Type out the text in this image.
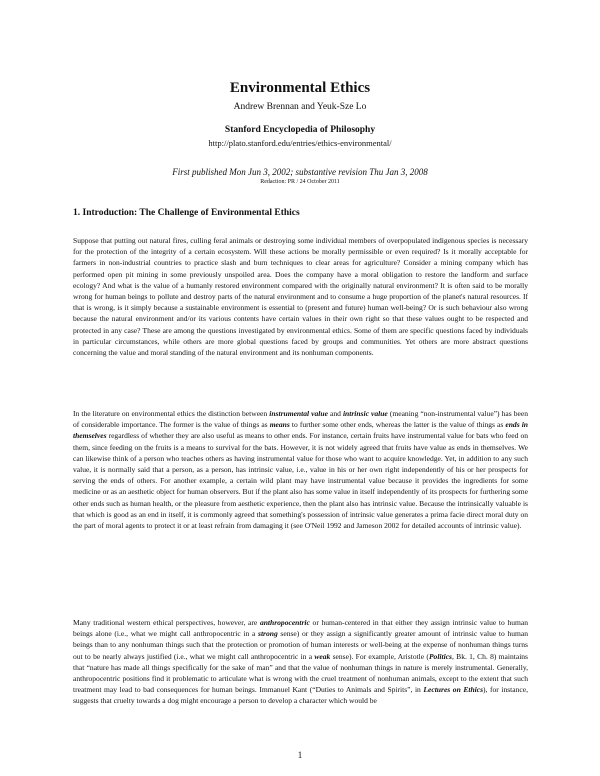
Environmental Ethics
Andrew Brennan and Yeuk-Sze Lo
Stanford Encyclopedia of Philosophy
http://plato.stanford.edu/entries/ethics-environmental/
First published Mon Jun 3, 2002; substantive revision Thu Jan 3, 2008
Redaction: PR / 24 October 2011
1. Introduction: The Challenge of Environmental Ethics

Suppose that putting out natural fires, culling feral animals or destroying some individual members of overpopulated indigenous species is necessary for the protection of the integrity of a certain ecosystem. Will these actions be morally permissible or even required? Is it morally acceptable for farmers in non-industrial countries to practice slash and burn techniques to clear areas for agriculture? Consider a mining company which has performed open pit mining in some previously unspoiled area. Does the company have a moral obligation to restore the landform and surface ecology? And what is the value of a humanly restored environment compared with the originally natural environment? It is often said to be morally wrong for human beings to pollute and destroy parts of the natural environment and to consume a huge proportion of the planet's natural resources. If that is wrong, is it simply because a sustainable environment is essential to (present and future) human well-being? Or is such behaviour also wrong because the natural environment and/or its various contents have certain values in their own right so that these values ought to be respected and protected in any case? These are among the questions investigated by environmental ethics. Some of them are specific questions faced by individuals in particular circumstances, while others are more global questions faced by groups and communities. Yet others are more abstract questions concerning the value and moral standing of the natural environment and its nonhuman components.

In the literature on environmental ethics the distinction between instrumental value and intrinsic value (meaning “non-instrumental value”) has been of considerable importance. The former is the value of things as means to further some other ends, whereas the latter is the value of things as ends in themselves regardless of whether they are also useful as means to other ends. For instance, certain fruits have instrumental value for bats who feed on them, since feeding on the fruits is a means to survival for the bats. However, it is not widely agreed that fruits have value as ends in themselves. We can likewise think of a person who teaches others as having instrumental value for those who want to acquire knowledge. Yet, in addition to any such value, it is normally said that a person, as a person, has intrinsic value, i.e., value in his or her own right independently of his or her prospects for serving the ends of others. For another example, a certain wild plant may have instrumental value because it provides the ingredients for some medicine or as an aesthetic object for human observers. But if the plant also has some value in itself independently of its prospects for furthering some other ends such as human health, or the pleasure from aesthetic experience, then the plant also has intrinsic value. Because the intrinsically valuable is that which is good as an end in itself, it is commonly agreed that something's possession of intrinsic value generates a prima facie direct moral duty on the part of moral agents to protect it or at least refrain from damaging it (see O'Neil 1992 and Jameson 2002 for detailed accounts of intrinsic value).

Many traditional western ethical perspectives, however, are anthropocentric or human-centered in that either they assign intrinsic value to human beings alone (i.e., what we might call anthropocentric in a strong sense) or they assign a significantly greater amount of intrinsic value to human beings than to any nonhuman things such that the protection or promotion of human interests or well-being at the expense of nonhuman things turns out to be nearly always justified (i.e., what we might call anthropocentric in a weak sense). For example, Aristotle (Politics, Bk. 1, Ch. 8) maintains that “nature has made all things specifically for the sake of man” and that the value of nonhuman things in nature is merely instrumental. Generally, anthropocentric positions find it problematic to articulate what is wrong with the cruel treatment of nonhuman animals, except to the extent that such treatment may lead to bad consequences for human beings. Immanuel Kant (“Duties to Animals and Spirits”, in Lectures on Ethics), for instance, suggests that cruelty towards a dog might encourage a person to develop a character which would be

1
